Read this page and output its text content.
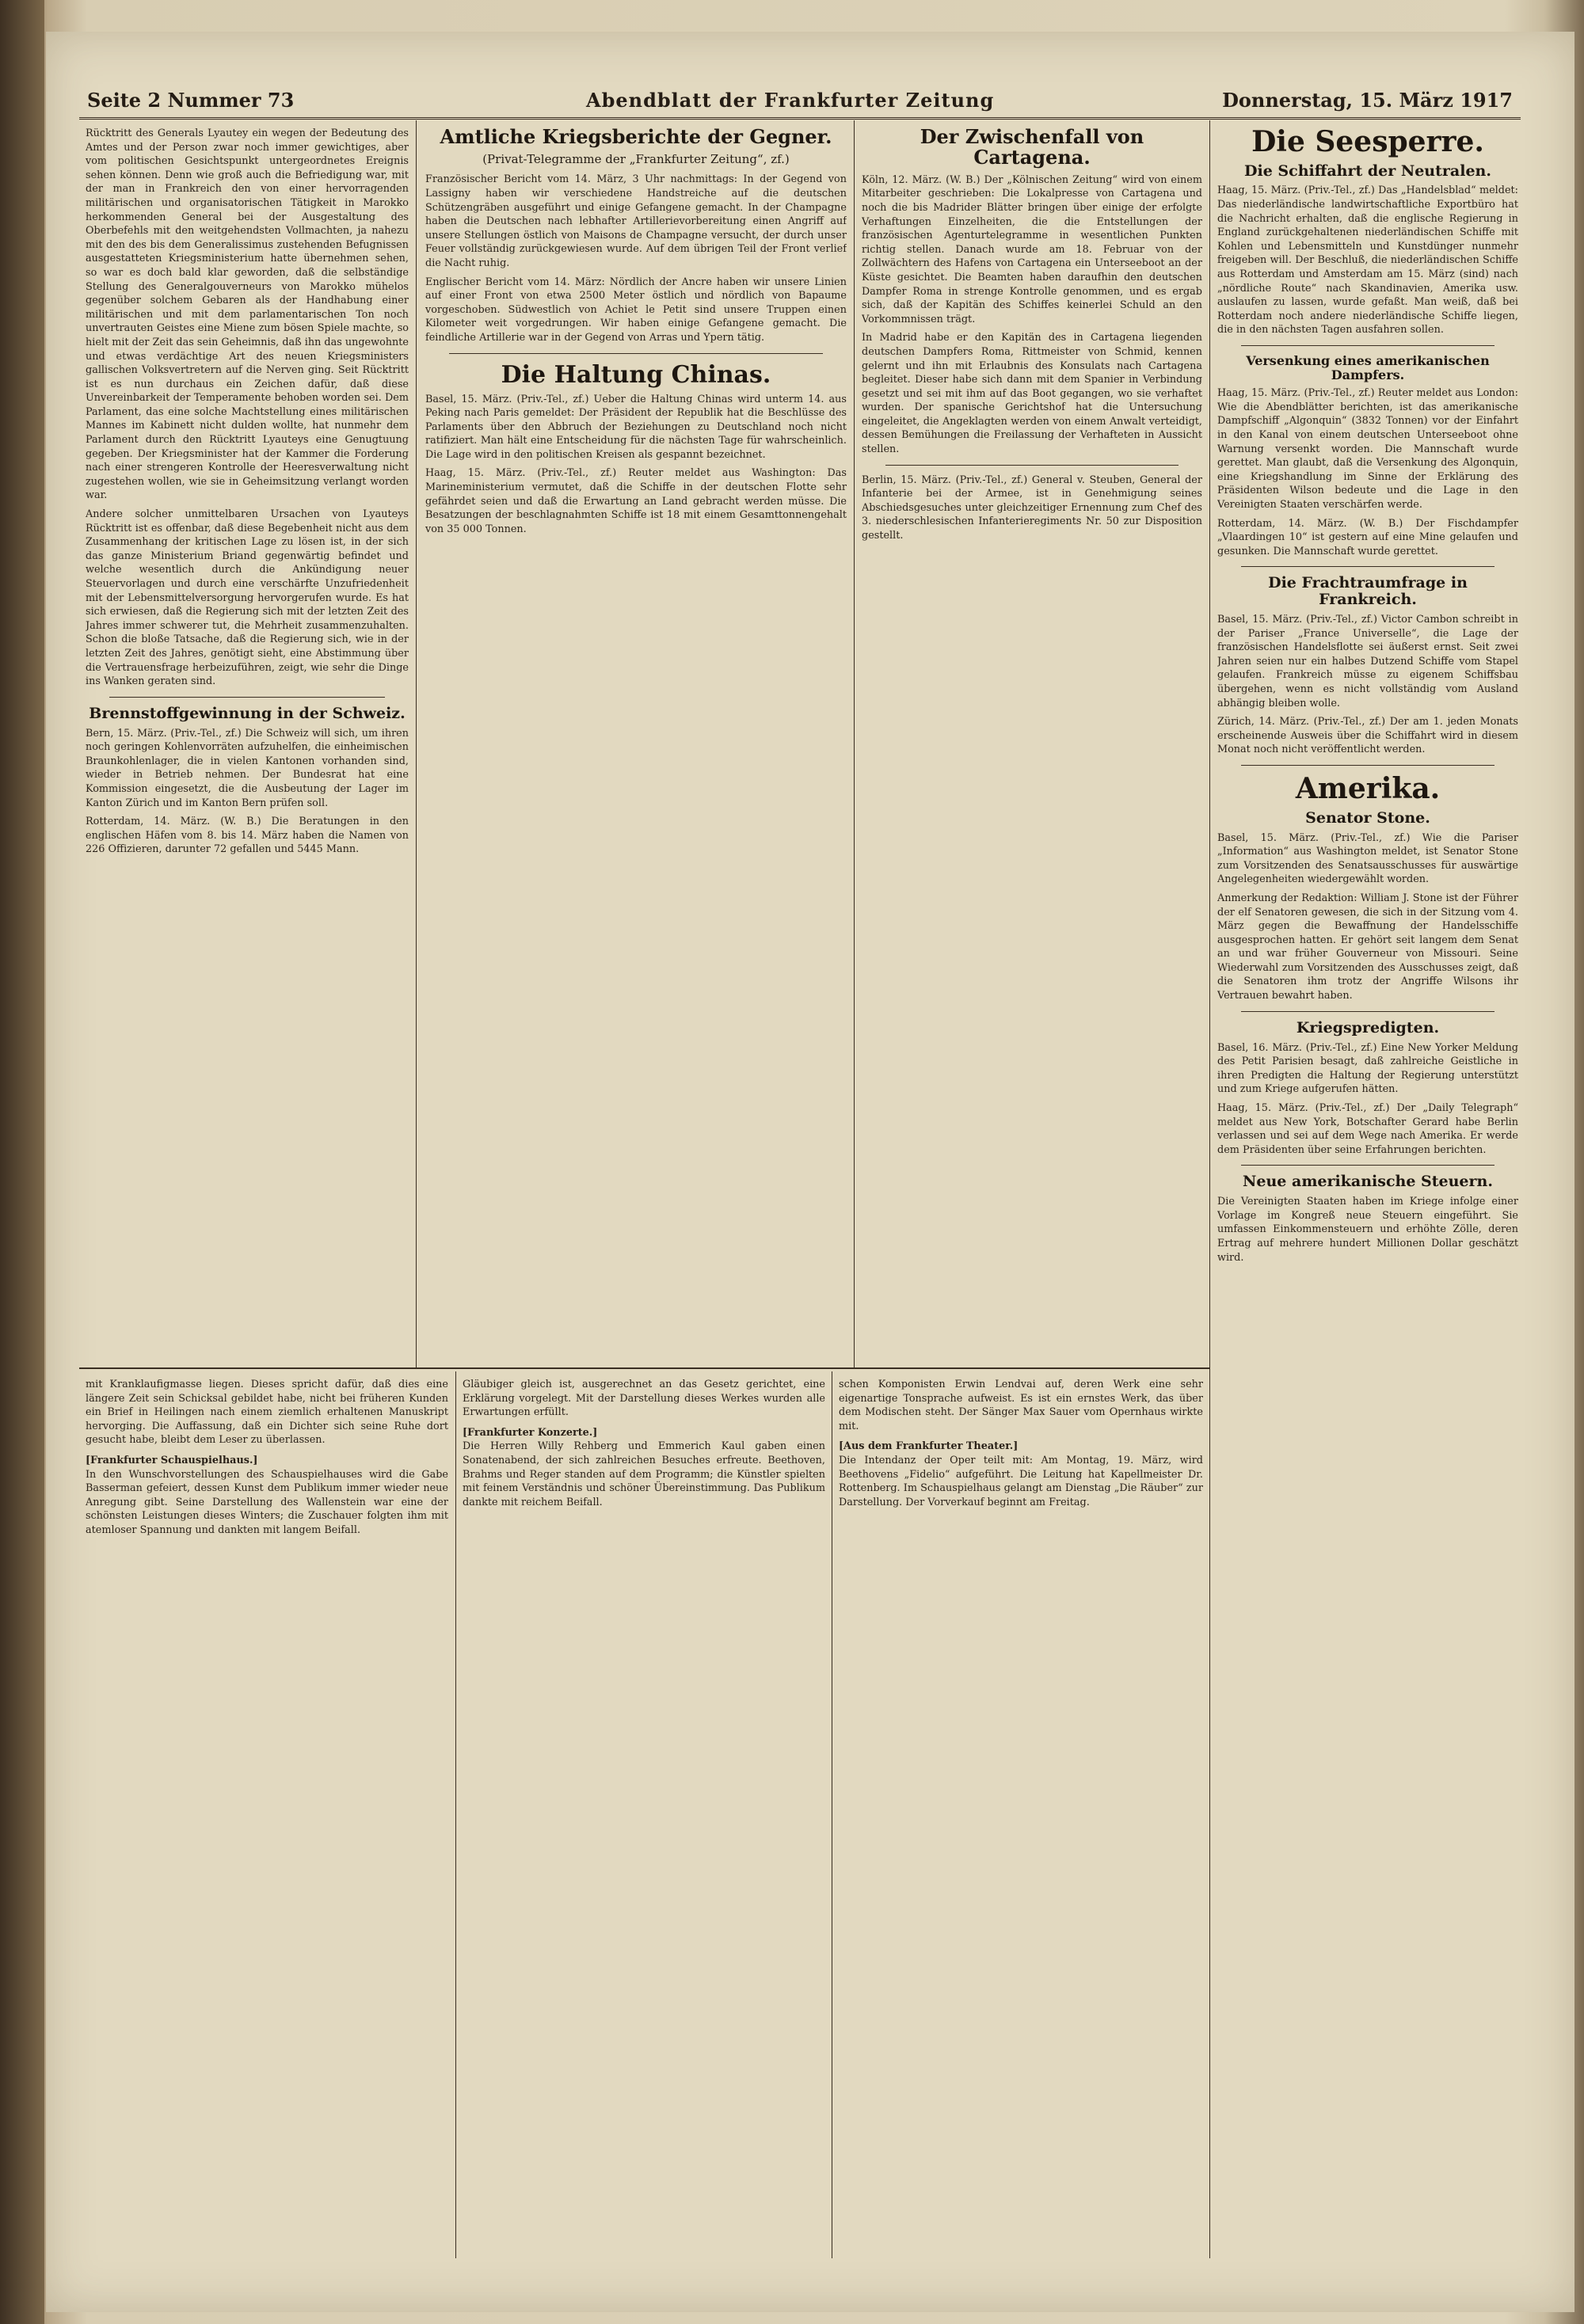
Seite 2 Nummer 73	Abendblatt der Frankfurter Zeitung	Donnerstag, 15. März 1917

Rücktritt des Generals Lyautey ein wegen der Bedeutung des Amtes und der Person zwar noch immer gewichtiges, aber vom politischen Gesichtspunkt untergeordnetes Ereignis sehen können. Denn wie groß auch die Befriedigung war, mit der man in Frankreich den von einer hervorragenden militärischen und organisatorischen Tätigkeit in Marokko herkommenden General bei der Ausgestaltung des Oberbefehls mit den weitgehendsten Vollmachten, ja nahezu mit den des bis dem Generalissimus zustehenden Befugnissen ausgestatteten Kriegsministerium hatte übernehmen sehen, so war es doch bald klar geworden, daß die selbständige Stellung des Generalgouverneurs von Marokko mühelos gegenüber solchem Gebaren als der Handhabung einer militärischen und mit dem parlamentarischen Ton noch unvertrauten Geistes eine Miene zum bösen Spiele machte, so hielt mit der Zeit das sein Geheimnis, daß ihn das ungewohnte und etwas verdächtige Art des neuen Kriegsministers gallischen Volksvertretern auf die Nerven ging. Seit Rücktritt ist es nun durchaus ein Zeichen dafür, daß diese Unvereinbarkeit der Temperamente behoben worden sei. Dem Parlament, das eine solche Machtstellung eines militärischen Mannes im Kabinett nicht dulden wollte, hat nunmehr dem Parlament durch den Rücktritt Lyauteys eine Genugtuung gegeben. Der Kriegsminister hat der Kammer die Forderung nach einer strengeren Kontrolle der Heeresverwaltung nicht zugestehen wollen, wie sie in Geheimsitzung verlangt worden war.

Andere solcher unmittelbaren Ursachen von Lyauteys Rücktritt ist es offenbar, daß diese Begebenheit nicht aus dem Zusammenhang der kritischen Lage zu lösen ist, in der sich das ganze Ministerium Briand gegenwärtig befindet und welche wesentlich durch die Ankündigung neuer Steuervorlagen und durch eine verschärfte Unzufriedenheit mit der Lebensmittelversorgung hervorgerufen wurde. Es hat sich erwiesen, daß die Regierung sich mit der letzten Zeit des Jahres immer schwerer tut, die Mehrheit zusammenzuhalten. Schon die bloße Tatsache, daß die Regierung sich, wie in der letzten Zeit des Jahres, genötigt sieht, eine Abstimmung über die Vertrauensfrage herbeizuführen, zeigt, wie sehr die Dinge ins Wanken geraten sind.

Brennstoffgewinnung in der Schweiz.

Bern, 15. März. (Priv.-Tel., zf.) Die Schweiz will sich, um ihren noch geringen Kohlenvorräten aufzuhelfen, die einheimischen Braunkohlenlager, die in vielen Kantonen vorhanden sind, wieder in Betrieb nehmen. Der Bundesrat hat eine Kommission eingesetzt, die die Ausbeutung der Lager im Kanton Zürich und im Kanton Bern prüfen soll.

Rotterdam, 14. März. (W. B.) Die Beratungen in den englischen Häfen vom 8. bis 14. März haben die Namen von 226 Offizieren, darunter 72 gefallen und 5445 Mann.

Amtliche Kriegsberichte der Gegner.
(Privat-Telegramme der „Frankfurter Zeitung“, zf.)

Französischer Bericht vom 14. März, 3 Uhr nachmittags: In der Gegend von Lassigny haben wir verschiedene Handstreiche auf die deutschen Schützengräben ausgeführt und einige Gefangene gemacht. In der Champagne haben die Deutschen nach lebhafter Artillerievorbereitung einen Angriff auf unsere Stellungen östlich von Maisons de Champagne versucht, der durch unser Feuer vollständig zurückgewiesen wurde. Auf dem übrigen Teil der Front verlief die Nacht ruhig.

Englischer Bericht vom 14. März: Nördlich der Ancre haben wir unsere Linien auf einer Front von etwa 2500 Meter östlich und nördlich von Bapaume vorgeschoben. Südwestlich von Achiet le Petit sind unsere Truppen einen Kilometer weit vorgedrungen. Wir haben einige Gefangene gemacht. Die feindliche Artillerie war in der Gegend von Arras und Ypern tätig.

Die Haltung Chinas.

Basel, 15. März. (Priv.-Tel., zf.) Ueber die Haltung Chinas wird unterm 14. aus Peking nach Paris gemeldet: Der Präsident der Republik hat die Beschlüsse des Parlaments über den Abbruch der Beziehungen zu Deutschland noch nicht ratifiziert. Man hält eine Entscheidung für die nächsten Tage für wahrscheinlich. Die Lage wird in den politischen Kreisen als gespannt bezeichnet.

Haag, 15. März. (Priv.-Tel., zf.) Reuter meldet aus Washington: Das Marineministerium vermutet, daß die Schiffe in der deutschen Flotte sehr gefährdet seien und daß die Erwartung an Land gebracht werden müsse. Die Besatzungen der beschlagnahmten Schiffe ist 18 mit einem Gesamttonnengehalt von 35 000 Tonnen.

Der Zwischenfall von Cartagena.

Köln, 12. März. (W. B.) Der „Kölnischen Zeitung“ wird von einem Mitarbeiter geschrieben: Die Lokalpresse von Cartagena und noch die bis Madrider Blätter bringen über einige der erfolgte Verhaftungen Einzelheiten, die die Entstellungen der französischen Agenturtelegramme in wesentlichen Punkten richtig stellen. Danach wurde am 18. Februar von der Zollwächtern des Hafens von Cartagena ein Unterseeboot an der Küste gesichtet. Die Beamten haben daraufhin den deutschen Dampfer Roma in strenge Kontrolle genommen, und es ergab sich, daß der Kapitän des Schiffes keinerlei Schuld an den Vorkommnissen trägt.

In Madrid habe er den Kapitän des in Cartagena liegenden deutschen Dampfers Roma, Rittmeister von Schmid, kennen gelernt und ihn mit Erlaubnis des Konsulats nach Cartagena begleitet. Dieser habe sich dann mit dem Spanier in Verbindung gesetzt und sei mit ihm auf das Boot gegangen, wo sie verhaftet wurden. Der spanische Gerichtshof hat die Untersuchung eingeleitet, die Angeklagten werden von einem Anwalt verteidigt, dessen Bemühungen die Freilassung der Verhafteten in Aussicht stellen.

Berlin, 15. März. (Priv.-Tel., zf.) General v. Steuben, General der Infanterie bei der Armee, ist in Genehmigung seines Abschiedsgesuches unter gleichzeitiger Ernennung zum Chef des 3. niederschlesischen Infanterieregiments Nr. 50 zur Disposition gestellt.

Die Seesperre.
Die Schiffahrt der Neutralen.

Haag, 15. März. (Priv.-Tel., zf.) Das „Handelsblad“ meldet: Das niederländische landwirtschaftliche Exportbüro hat die Nachricht erhalten, daß die englische Regierung in England zurückgehaltenen niederländischen Schiffe mit Kohlen und Lebensmitteln und Kunstdünger nunmehr freigeben will. Der Beschluß, die niederländischen Schiffe aus Rotterdam und Amsterdam am 15. März (sind) nach „nördliche Route“ nach Skandinavien, Amerika usw. auslaufen zu lassen, wurde gefaßt. Man weiß, daß bei Rotterdam noch andere niederländische Schiffe liegen, die in den nächsten Tagen ausfahren sollen.

Versenkung eines amerikanischen Dampfers.

Haag, 15. März. (Priv.-Tel., zf.) Reuter meldet aus London: Wie die Abendblätter berichten, ist das amerikanische Dampfschiff „Algonquin“ (3832 Tonnen) vor der Einfahrt in den Kanal von einem deutschen Unterseeboot ohne Warnung versenkt worden. Die Mannschaft wurde gerettet. Man glaubt, daß die Versenkung des Algonquin, eine Kriegshandlung im Sinne der Erklärung des Präsidenten Wilson bedeute und die Lage in den Vereinigten Staaten verschärfen werde.

Rotterdam, 14. März. (W. B.) Der Fischdampfer „Vlaardingen 10“ ist gestern auf eine Mine gelaufen und gesunken. Die Mannschaft wurde gerettet.

Die Frachtraumfrage in Frankreich.

Basel, 15. März. (Priv.-Tel., zf.) Victor Cambon schreibt in der Pariser „France Universelle“, die Lage der französischen Handelsflotte sei äußerst ernst. Seit zwei Jahren seien nur ein halbes Dutzend Schiffe vom Stapel gelaufen. Frankreich müsse zu eigenem Schiffsbau übergehen, wenn es nicht vollständig vom Ausland abhängig bleiben wolle.

Zürich, 14. März. (Priv.-Tel., zf.) Der am 1. jeden Monats erscheinende Ausweis über die Schiffahrt wird in diesem Monat noch nicht veröffentlicht werden.

Amerika.
Senator Stone.

Basel, 15. März. (Priv.-Tel., zf.) Wie die Pariser „Information“ aus Washington meldet, ist Senator Stone zum Vorsitzenden des Senatsausschusses für auswärtige Angelegenheiten wiedergewählt worden.

Anmerkung der Redaktion: William J. Stone ist der Führer der elf Senatoren gewesen, die sich in der Sitzung vom 4. März gegen die Bewaffnung der Handelsschiffe ausgesprochen hatten. Er gehört seit langem dem Senat an und war früher Gouverneur von Missouri. Seine Wiederwahl zum Vorsitzenden des Ausschusses zeigt, daß die Senatoren ihm trotz der Angriffe Wilsons ihr Vertrauen bewahrt haben.

Kriegspredigten.

Basel, 16. März. (Priv.-Tel., zf.) Eine New Yorker Meldung des Petit Parisien besagt, daß zahlreiche Geistliche in ihren Predigten die Haltung der Regierung unterstützt und zum Kriege aufgerufen hätten.

Haag, 15. März. (Priv.-Tel., zf.) Der „Daily Telegraph“ meldet aus New York, Botschafter Gerard habe Berlin verlassen und sei auf dem Wege nach Amerika. Er werde dem Präsidenten über seine Erfahrungen berichten.

Neue amerikanische Steuern.

Die Vereinigten Staaten haben im Kriege infolge einer Vorlage im Kongreß neue Steuern eingeführt. Sie umfassen Einkommensteuern und erhöhte Zölle, deren Ertrag auf mehrere hundert Millionen Dollar geschätzt wird.

mit Kranklaufigmasse liegen. Dieses spricht dafür, daß dies eine längere Zeit sein Schicksal gebildet habe, nicht bei früheren Kunden ein Brief in Heilingen nach einem ziemlich erhaltenen Manuskript hervorging. Die Auffassung, daß ein Dichter sich seine Ruhe dort gesucht habe, bleibt dem Leser zu überlassen.

[Frankfurter Schauspielhaus.]

In den Wunschvorstellungen des Schauspielhauses wird die Gabe Basserman gefeiert, dessen Kunst dem Publikum immer wieder neue Anregung gibt. Seine Darstellung des Wallenstein war eine der schönsten Leistungen dieses Winters; die Zuschauer folgten ihm mit atemloser Spannung und dankten mit langem Beifall.

Gläubiger gleich ist, ausgerechnet an das Gesetz gerichtet, eine Erklärung vorgelegt. Mit der Darstellung dieses Werkes wurden alle Erwartungen erfüllt.

[Frankfurter Konzerte.]

Die Herren Willy Rehberg und Emmerich Kaul gaben einen Sonatenabend, der sich zahlreichen Besuches erfreute. Beethoven, Brahms und Reger standen auf dem Programm; die Künstler spielten mit feinem Verständnis und schöner Übereinstimmung. Das Publikum dankte mit reichem Beifall.

schen Komponisten Erwin Lendvai auf, deren Werk eine sehr eigenartige Tonsprache aufweist. Es ist ein ernstes Werk, das über dem Modischen steht. Der Sänger Max Sauer vom Opernhaus wirkte mit.

[Aus dem Frankfurter Theater.]

Die Intendanz der Oper teilt mit: Am Montag, 19. März, wird Beethovens „Fidelio“ aufgeführt. Die Leitung hat Kapellmeister Dr. Rottenberg. Im Schauspielhaus gelangt am Dienstag „Die Räuber“ zur Darstellung. Der Vorverkauf beginnt am Freitag.
